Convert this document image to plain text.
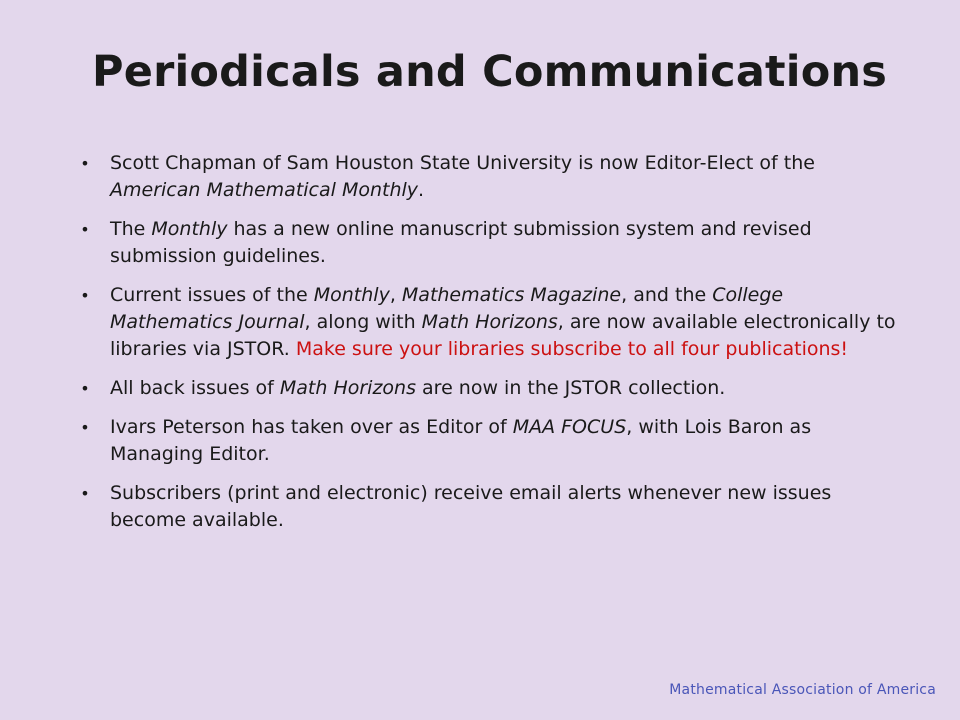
Periodicals and Communications
• Scott Chapman of Sam Houston State University is now Editor-Elect of the American Mathematical Monthly.
• The Monthly has a new online manuscript submission system and revised submission guidelines.
• Current issues of the Monthly, Mathematics Magazine, and the College Mathematics Journal, along with Math Horizons, are now available electronically to libraries via JSTOR. Make sure your libraries subscribe to all four publications!
• All back issues of Math Horizons are now in the JSTOR collection.
• Ivars Peterson has taken over as Editor of MAA FOCUS, with Lois Baron as Managing Editor.
• Subscribers (print and electronic) receive email alerts whenever new issues become available.
Mathematical Association of America
